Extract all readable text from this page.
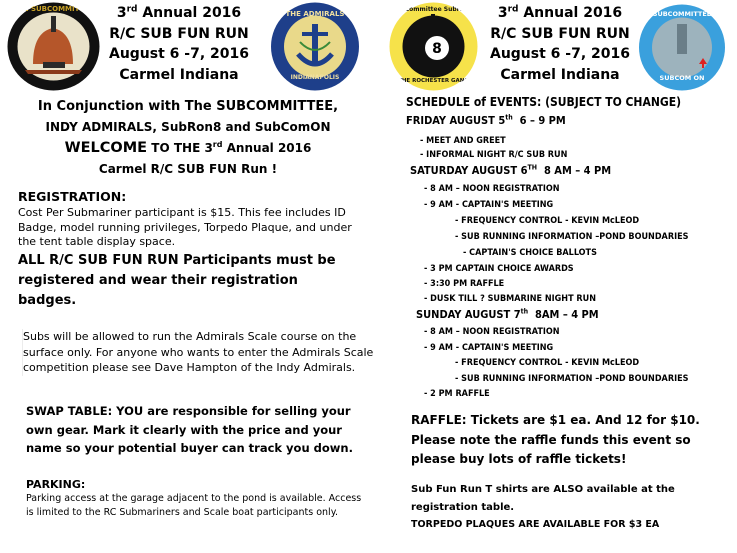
THE SUBCOMMITTEE	3rd Annual 2016
R/C SUB FUN RUN
August 6 -7, 2016
Carmel Indiana
THE ADMIRALS
INDIANAPOLIS
8
Subcommittee Subron 8
THE ROCHESTER GANG
3rd Annual 2016
R/C SUB FUN RUN
August 6 -7, 2016
Carmel Indiana
SUBCOMMITTEE
SUBCOM ON
In Conjunction with The SUBCOMMITTEE,
INDY ADMIRALS, SubRon8 and SubComON
WELCOME TO THE 3rd Annual 2016
Carmel R/C SUB FUN Run !
REGISTRATION:
Cost Per Submariner participant is $15. This fee includes ID Badge, model running privileges, Torpedo Plaque, and under the tent table display space.
ALL R/C SUB FUN RUN Participants must be registered and wear their registration badges.
Subs will be allowed to run the Admirals Scale course on the surface only. For anyone who wants to enter the Admirals Scale competition please see Dave Hampton of the Indy Admirals.
SWAP TABLE: YOU are responsible for selling your own gear. Mark it clearly with the price and your name so your potential buyer can track you down.
PARKING:
Parking access at the garage adjacent to the pond is available. Access is limited to the RC Submariners and Scale boat participants only.
SCHEDULE of EVENTS: (SUBJECT TO CHANGE)
FRIDAY AUGUST 5th 6 – 9 PM
- MEET AND GREET
- INFORMAL NIGHT R/C SUB RUN
SATURDAY AUGUST 6TH 8 AM – 4 PM
- 8 AM – NOON REGISTRATION
- 9 AM - CAPTAIN'S MEETING
- FREQUENCY CONTROL - KEVIN McLEOD
- SUB RUNNING INFORMATION –POND BOUNDARIES
- CAPTAIN'S CHOICE BALLOTS
- 3 PM CAPTAIN CHOICE AWARDS
- 3:30 PM RAFFLE
- DUSK TILL ? SUBMARINE NIGHT RUN
SUNDAY AUGUST 7th 8AM – 4 PM
- 8 AM – NOON REGISTRATION
- 9 AM - CAPTAIN'S MEETING
- FREQUENCY CONTROL - KEVIN McLEOD
- SUB RUNNING INFORMATION –POND BOUNDARIES
- 2 PM RAFFLE
RAFFLE: Tickets are $1 ea. And 12 for $10. Please note the raffle funds this event so please buy lots of raffle tickets!
Sub Fun Run T shirts are ALSO available at the registration table.
TORPEDO PLAQUES ARE AVAILABLE FOR $3 EA
